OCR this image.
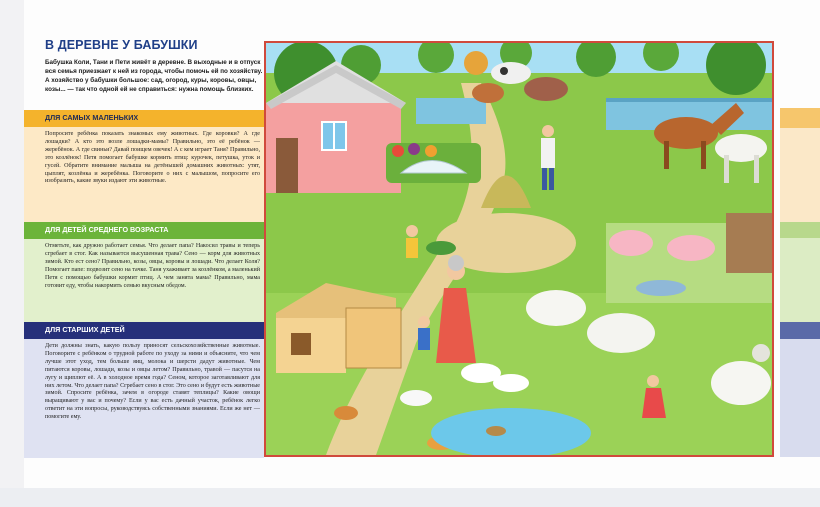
В ДЕРЕВНЕ У БАБУШКИ
Бабушка Коли, Тани и Пети живёт в деревне. В выходные и в отпуск вся семья приезжает к ней из города, чтобы помочь ей по хозяйству. А хозяйство у бабушки большое: сад, огород, куры, коровы, овцы, козы... — так что одной ей не справиться: нужна помощь близких.
ДЛЯ САМЫХ МАЛЕНЬКИХ
Попросите ребёнка показать знакомых ему животных. Где коровки? А где лошадки? А кто это возле лошадки-мамы? Правильно, это её ребёнок — жеребёнок. А где свиньи? Давай поищем овечек! А с кем играет Таня? Правильно, это козлёнок! Петя помогает бабушке кормить птиц: курочек, петушка, уток и гусей. Обратите внимание малыша на детёнышей домашних животных: утят, цыплят, козлёнка и жеребёнка. Поговорите о них с малышом, попросите его изобразить, какие звуки издают эти животные.
ДЛЯ ДЕТЕЙ СРЕДНЕГО ВОЗРАСТА
Отметьте, как дружно работает семья. Что делает папа? Накосил травы и теперь сгребает в стог. Как называется высушенная трава? Сено — корм для животных зимой. Кто ест сено? Правильно, козы, овцы, коровы и лошади. Что делает Коля? Помогает папе: подвозит сено на тачке. Таня ухаживает за козлёнком, а маленький Петя с помощью бабушки кормит птиц. А чем занята мама? Правильно, мама готовит еду, чтобы накормить семью вкусным обедом.
ДЛЯ СТАРШИХ ДЕТЕЙ
Дети должны знать, какую пользу приносят сельскохозяйственные животные. Поговорите с ребёнком о трудной работе по уходу за ними и объясните, что чем лучше этот уход, тем больше яиц, молока и шерсти дадут животные. Чем питаются коровы, лошади, козы и овцы летом? Правильно, травой — пасутся на лугу и щиплют её. А в холодное время года? Сеном, которое заготавливают для них летом. Что делает папа? Сгребает сено в стог. Это сено и будут есть животные зимой. Спросите ребёнка, зачем в огороде ставят теплицы? Какие овощи выращивают у вас и почему? Если у вас есть дачный участок, ребёнок легко ответит на эти вопросы, руководствуясь собственными знаниями. Если же нет — помогите ему.
